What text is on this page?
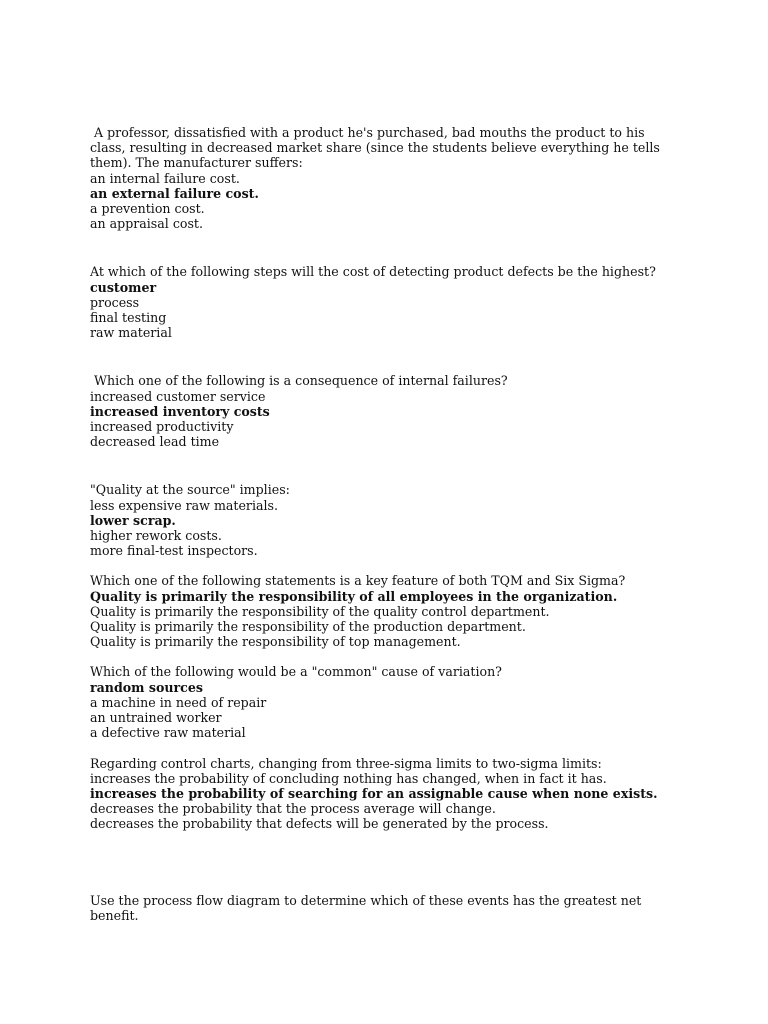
A professor, dissatisfied with a product he's purchased, bad mouths the product to his class, resulting in decreased market share (since the students believe everything he tells them). The manufacturer suffers:
an internal failure cost.
an external failure cost.
a prevention cost.
an appraisal cost.
At which of the following steps will the cost of detecting product defects be the highest?
customer
process
final testing
raw material
Which one of the following is a consequence of internal failures?
increased customer service
increased inventory costs
increased productivity
decreased lead time
"Quality at the source" implies:
less expensive raw materials.
lower scrap.
higher rework costs.
more final-test inspectors.
Which one of the following statements is a key feature of both TQM and Six Sigma?
Quality is primarily the responsibility of all employees in the organization.
Quality is primarily the responsibility of the quality control department.
Quality is primarily the responsibility of the production department.
Quality is primarily the responsibility of top management.
Which of the following would be a "common" cause of variation?
random sources
a machine in need of repair
an untrained worker
a defective raw material
Regarding control charts, changing from three-sigma limits to two-sigma limits:
increases the probability of concluding nothing has changed, when in fact it has.
increases the probability of searching for an assignable cause when none exists.
decreases the probability that the process average will change.
decreases the probability that defects will be generated by the process.
Use the process flow diagram to determine which of these events has the greatest net benefit.
